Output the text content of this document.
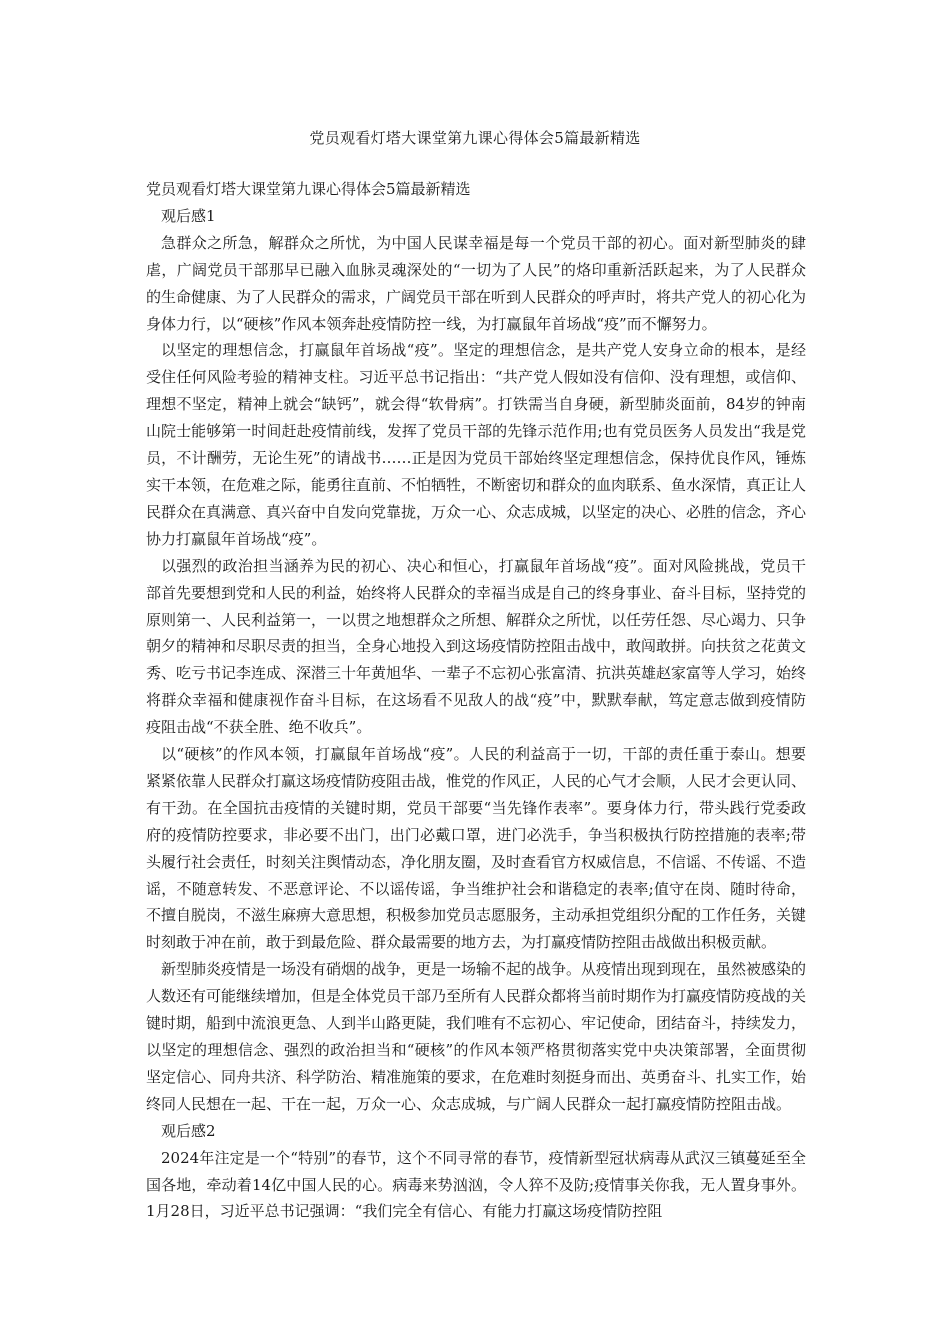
党员观看灯塔大课堂第九课心得体会5篇最新精选

党员观看灯塔大课堂第九课心得体会5篇最新精选

观后感1

急群众之所急，解群众之所忧，为中国人民谋幸福是每一个党员干部的初心。面对新型肺炎的肆虐，广阔党员干部那早已融入血脉灵魂深处的“一切为了人民”的烙印重新活跃起来，为了人民群众的生命健康、为了人民群众的需求，广阔党员干部在听到人民群众的呼声时，将共产党人的初心化为身体力行，以“硬核”作风本领奔赴疫情防控一线，为打赢鼠年首场战“疫”而不懈努力。

以坚定的理想信念，打赢鼠年首场战“疫”。坚定的理想信念，是共产党人安身立命的根本，是经受住任何风险考验的精神支柱。习近平总书记指出：“共产党人假如没有信仰、没有理想，或信仰、理想不坚定，精神上就会“缺钙”，就会得“软骨病”。打铁需当自身硬，新型肺炎面前，84岁的钟南山院士能够第一时间赶赴疫情前线，发挥了党员干部的先锋示范作用;也有党员医务人员发出“我是党员，不计酬劳，无论生死”的请战书……正是因为党员干部始终坚定理想信念，保持优良作风，锤炼实干本领，在危难之际，能勇往直前、不怕牺牲，不断密切和群众的血肉联系、鱼水深情，真正让人民群众在真满意、真兴奋中自发向党靠拢，万众一心、众志成城，以坚定的决心、必胜的信念，齐心协力打赢鼠年首场战“疫”。

以强烈的政治担当涵养为民的初心、决心和恒心，打赢鼠年首场战“疫”。面对风险挑战，党员干部首先要想到党和人民的利益，始终将人民群众的幸福当成是自己的终身事业、奋斗目标，坚持党的原则第一、人民利益第一，一以贯之地想群众之所想、解群众之所忧，以任劳任怨、尽心竭力、只争朝夕的精神和尽职尽责的担当，全身心地投入到这场疫情防控阻击战中，敢闯敢拼。向扶贫之花黄文秀、吃亏书记李连成、深潜三十年黄旭华、一辈子不忘初心张富清、抗洪英雄赵家富等人学习，始终将群众幸福和健康视作奋斗目标，在这场看不见敌人的战“疫”中，默默奉献，笃定意志做到疫情防疫阻击战“不获全胜、绝不收兵”。

以“硬核”的作风本领，打赢鼠年首场战“疫”。人民的利益高于一切，干部的责任重于泰山。想要紧紧依靠人民群众打赢这场疫情防疫阻击战，惟党的作风正，人民的心气才会顺，人民才会更认同、有干劲。在全国抗击疫情的关键时期，党员干部要“当先锋作表率”。要身体力行，带头践行党委政府的疫情防控要求，非必要不出门，出门必戴口罩，进门必洗手，争当积极执行防控措施的表率;带头履行社会责任，时刻关注舆情动态，净化朋友圈，及时查看官方权威信息，不信谣、不传谣、不造谣，不随意转发、不恶意评论、不以谣传谣，争当维护社会和谐稳定的表率;值守在岗、随时待命，不擅自脱岗，不滋生麻痹大意思想，积极参加党员志愿服务，主动承担党组织分配的工作任务，关键时刻敢于冲在前，敢于到最危险、群众最需要的地方去，为打赢疫情防控阻击战做出积极贡献。

新型肺炎疫情是一场没有硝烟的战争，更是一场输不起的战争。从疫情出现到现在，虽然被感染的人数还有可能继续增加，但是全体党员干部乃至所有人民群众都将当前时期作为打赢疫情防疫战的关键时期，船到中流浪更急、人到半山路更陡，我们唯有不忘初心、牢记使命，团结奋斗，持续发力，以坚定的理想信念、强烈的政治担当和“硬核”的作风本领严格贯彻落实党中央决策部署，全面贯彻坚定信心、同舟共济、科学防治、精准施策的要求，在危难时刻挺身而出、英勇奋斗、扎实工作，始终同人民想在一起、干在一起，万众一心、众志成城，与广阔人民群众一起打赢疫情防控阻击战。

观后感2

2024年注定是一个“特别”的春节，这个不同寻常的春节，疫情新型冠状病毒从武汉三镇蔓延至全国各地，牵动着14亿中国人民的心。病毒来势汹汹，令人猝不及防;疫情事关你我，无人置身事外。1月28日，习近平总书记强调：“我们完全有信心、有能力打赢这场疫情防控阻
